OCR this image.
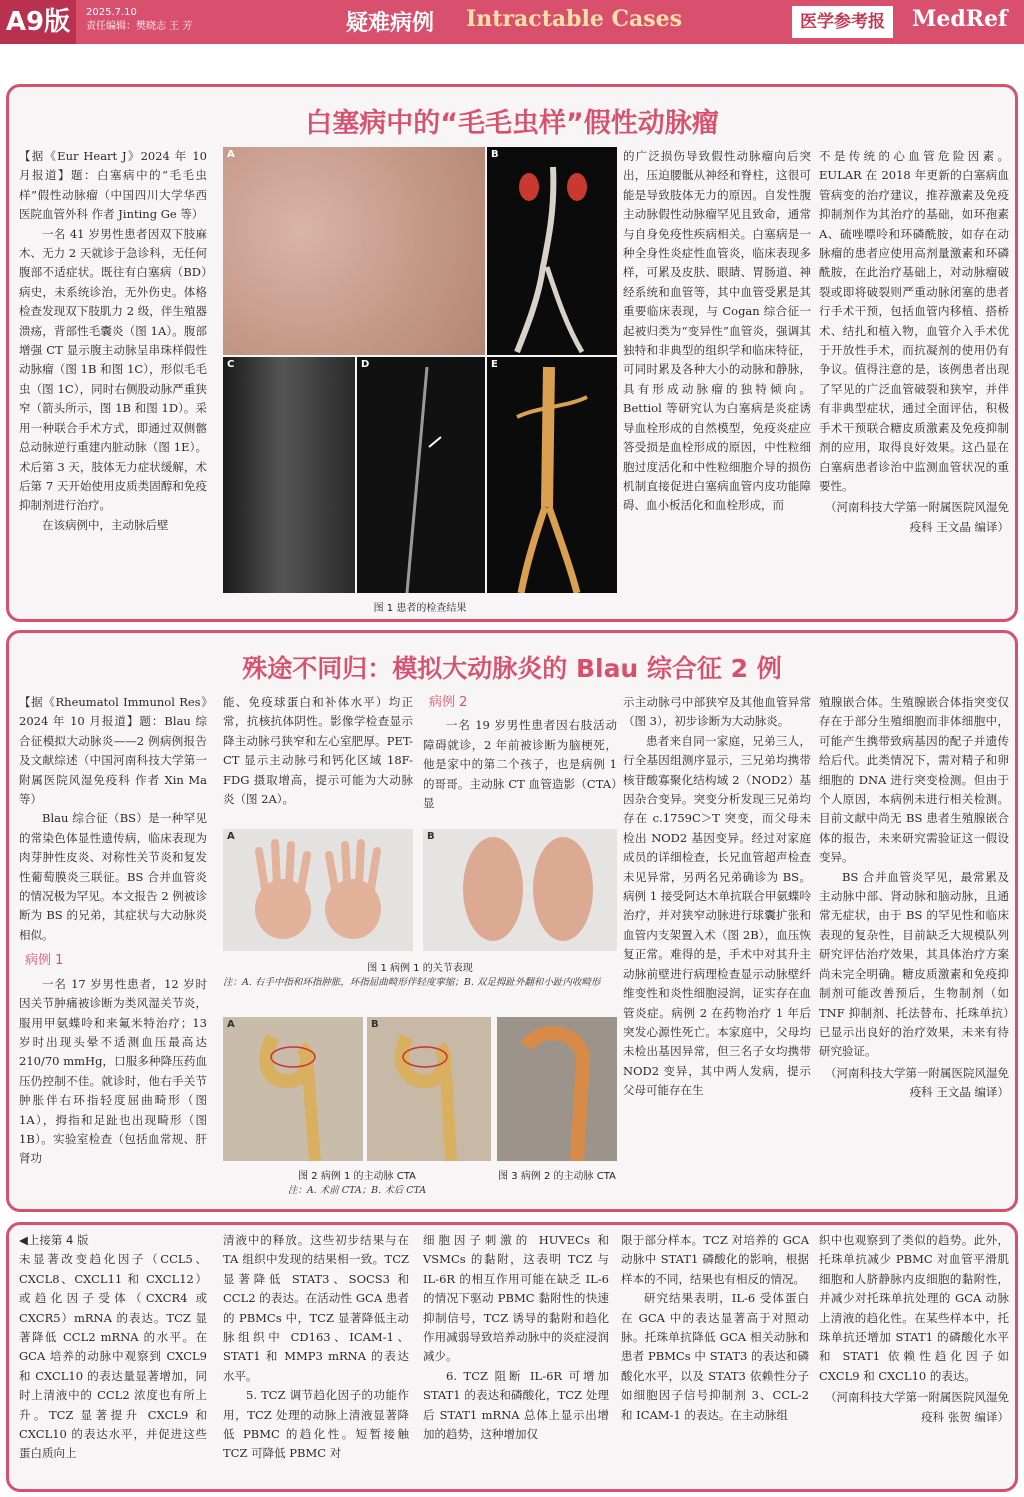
A9版	2025.7.10
责任编辑：樊晓志 王 芳	疑难病例 Intractable Cases	医学参考报	MedRef
白塞病中的“毛毛虫样”假性动脉瘤

【据《Eur Heart J》2024 年 10 月报道】题：白塞病中的“毛毛虫样”假性动脉瘤（中国四川大学华西医院血管外科 作者 Jinting Ge 等）

一名 41 岁男性患者因双下肢麻木、无力 2 天就诊于急诊科，无任何腹部不适症状。既往有白塞病（BD）病史，未系统诊治，无外伤史。体格检查发现双下肢肌力 2 级，伴生殖器溃疡，背部性毛囊炎（图 1A）。腹部增强 CT 显示腹主动脉呈串珠样假性动脉瘤（图 1B 和图 1C），形似毛毛虫（图 1C），同时右侧股动脉严重狭窄（箭头所示，图 1B 和图 1D）。采用一种联合手术方式，即通过双侧髂总动脉逆行重建内脏动脉（图 1E）。术后第 3 天，肢体无力症状缓解，术后第 7 天开始使用皮质类固醇和免疫抑制剂进行治疗。

在该病例中，主动脉后壁

A	B
C	D	E
图 1 患者的检查结果

的广泛损伤导致假性动脉瘤向后突出，压迫腰骶从神经和脊柱，这很可能是导致肢体无力的原因。自发性腹主动脉假性动脉瘤罕见且致命，通常与自身免疫性疾病相关。白塞病是一种全身性炎症性血管炎，临床表现多样，可累及皮肤、眼睛、胃肠道、神经系统和血管等，其中血管受累是其重要临床表现，与 Cogan 综合征一起被归类为“变异性”血管炎，强调其独特和非典型的组织学和临床特征，可同时累及各种大小的动脉和静脉，具有形成动脉瘤的独特倾向。Bettiol 等研究认为白塞病是炎症诱导血栓形成的自然模型，免疫炎症应答受损是血栓形成的原因，中性粒细胞过度活化和中性粒细胞介导的损伤机制直接促进白塞病血管内皮功能障碍、血小板活化和血栓形成，而

不是传统的心血管危险因素。EULAR 在 2018 年更新的白塞病血管病变的治疗建议，推荐激素及免疫抑制剂作为其治疗的基础，如环孢素 A、硫唑嘌呤和环磷酰胺，如存在动脉瘤的患者应使用高剂量激素和环磷酰胺，在此治疗基础上，对动脉瘤破裂或即将破裂则严重动脉闭塞的患者行手术干预，包括血管内移植、搭桥术、结扎和植入物，血管介入手术优于开放性手术，而抗凝剂的使用仍有争议。值得注意的是，该例患者出现了罕见的广泛血管破裂和狭窄，并伴有非典型症状，通过全面评估，积极手术干预联合糖皮质激素及免疫抑制剂的应用，取得良好效果。这凸显在白塞病患者诊治中监测血管状况的重要性。

（河南科技大学第一附属医院风湿免疫科 王文晶 编译）

殊途不同归：模拟大动脉炎的 Blau 综合征 2 例

【据《Rheumatol Immunol Res》2024 年 10 月报道】题：Blau 综合征模拟大动脉炎——2 例病例报告及文献综述（中国河南科技大学第一附属医院风湿免疫科 作者 Xin Ma 等）

Blau 综合征（BS）是一种罕见的常染色体显性遗传病，临床表现为肉芽肿性皮炎、对称性关节炎和复发性葡萄膜炎三联征。BS 合并血管炎的情况极为罕见。本文报告 2 例被诊断为 BS 的兄弟，其症状与大动脉炎相似。

病例 1

一名 17 岁男性患者，12 岁时因关节肿痛被诊断为类风湿关节炎，服用甲氨蝶呤和来氟米特治疗；13 岁时出现头晕不适测血压最高达 210/70 mmHg，口服多种降压药血压仍控制不佳。就诊时，他右手关节肿胀伴右环指轻度屈曲畸形（图 1A），拇指和足趾也出现畸形（图 1B）。实验室检查（包括血常规、肝肾功

能、免疫球蛋白和补体水平）均正常，抗核抗体阴性。影像学检查显示降主动脉弓狭窄和左心室肥厚。PET-CT 显示主动脉弓和钙化区域 18F-FDG 摄取增高，提示可能为大动脉炎（图 2A）。

病例 2

一名 19 岁男性患者因右肢活动障碍就诊，2 年前被诊断为脑梗死，他是家中的第二个孩子，也是病例 1 的哥哥。主动脉 CT 血管造影（CTA）显

A	B
图 1 病例 1 的关节表现
注：A. 右手中指和环指肿胀，环指屈曲畸形伴轻度挛缩；B. 双足拇趾外翻和小趾内收畸形
A	B
图 2 病例 1 的主动脉 CTA
注：A. 术前 CTA；B. 术后 CTA
图 3 病例 2 的主动脉 CTA

示主动脉弓中部狭窄及其他血管异常（图 3），初步诊断为大动脉炎。

患者来自同一家庭，兄弟三人，行全基因组测序显示，三兄弟均携带核苷酸寡聚化结构域 2（NOD2）基因杂合变异。突变分析发现三兄弟均存在 c.1759C＞T 突变，而父母未检出 NOD2 基因变异。经过对家庭成员的详细检查，长兄血管超声检查未见异常，另两名兄弟确诊为 BS。病例 1 接受阿达木单抗联合甲氨蝶呤治疗，并对狭窄动脉进行球囊扩张和血管内支架置入术（图 2B），血压恢复正常。难得的是，手术中对其升主动脉前壁进行病理检查显示动脉壁纤维变性和炎性细胞浸润，证实存在血管炎症。病例 2 在药物治疗 1 年后突发心源性死亡。本家庭中，父母均未检出基因异常，但三名子女均携带 NOD2 变异，其中两人发病，提示父母可能存在生

殖腺嵌合体。生殖腺嵌合体指突变仅存在于部分生殖细胞而非体细胞中，可能产生携带致病基因的配子并遗传给后代。此类情况下，需对精子和卵细胞的 DNA 进行突变检测。但由于个人原因，本病例未进行相关检测。目前文献中尚无 BS 患者生殖腺嵌合体的报告，未来研究需验证这一假设变异。

BS 合并血管炎罕见，最常累及主动脉中部、肾动脉和脑动脉，且通常无症状，由于 BS 的罕见性和临床表现的复杂性，目前缺乏大规模队列研究评估治疗效果，其具体治疗方案尚未完全明确。糖皮质激素和免疫抑制剂可能改善预后，生物制剂（如 TNF 抑制剂、托法替布、托珠单抗）已显示出良好的治疗效果，未来有待研究验证。

（河南科技大学第一附属医院风湿免疫科 王文晶 编译）

◀上接第 4 版

未显著改变趋化因子（CCL5、CXCL8、CXCL11 和 CXCL12）或趋化因子受体（CXCR4 或 CXCR5）mRNA 的表达。TCZ 显著降低 CCL2 mRNA 的水平。在 GCA 培养的动脉中观察到 CXCL9 和 CXCL10 的表达量显著增加，同时上清液中的 CCL2 浓度也有所上升。TCZ 显著提升 CXCL9 和 CXCL10 的表达水平，并促进这些蛋白质向上

清液中的释放。这些初步结果与在 TA 组织中发现的结果相一致。TCZ 显著降低 STAT3、SOCS3 和 CCL2 的表达。在活动性 GCA 患者的 PBMCs 中，TCZ 显著降低主动脉组织中 CD163、ICAM-1、STAT1 和 MMP3 mRNA 的表达水平。

5. TCZ 调节趋化因子的功能作用，TCZ 处理的动脉上清液显著降低 PBMC 的趋化性。短暂接触 TCZ 可降低 PBMC 对

细胞因子刺激的 HUVECs 和 VSMCs 的黏附，这表明 TCZ 与 IL-6R 的相互作用可能在缺乏 IL-6 的情况下驱动 PBMC 黏附性的快速抑制信号，TCZ 诱导的黏附和趋化作用减弱导致培养动脉中的炎症浸润减少。

6. TCZ 阻断 IL-6R 可增加 STAT1 的表达和磷酸化，TCZ 处理后 STAT1 mRNA 总体上显示出增加的趋势，这种增加仅

限于部分样本。TCZ 对培养的 GCA 动脉中 STAT1 磷酸化的影响，根据样本的不同，结果也有相反的情况。

研究结果表明，IL-6 受体蛋白在 GCA 中的表达显著高于对照动脉。托珠单抗降低 GCA 相关动脉和患者 PBMCs 中 STAT3 的表达和磷酸化水平，以及 STAT3 依赖性分子如细胞因子信号抑制剂 3、CCL-2 和 ICAM-1 的表达。在主动脉组

织中也观察到了类似的趋势。此外，托珠单抗减少 PBMC 对血管平滑肌细胞和人脐静脉内皮细胞的黏附性，并减少对托珠单抗处理的 GCA 动脉上清液的趋化性。在某些样本中，托珠单抗还增加 STAT1 的磷酸化水平和 STAT1 依赖性趋化因子如 CXCL9 和 CXCL10 的表达。

（河南科技大学第一附属医院风湿免疫科 张贺 编译）
